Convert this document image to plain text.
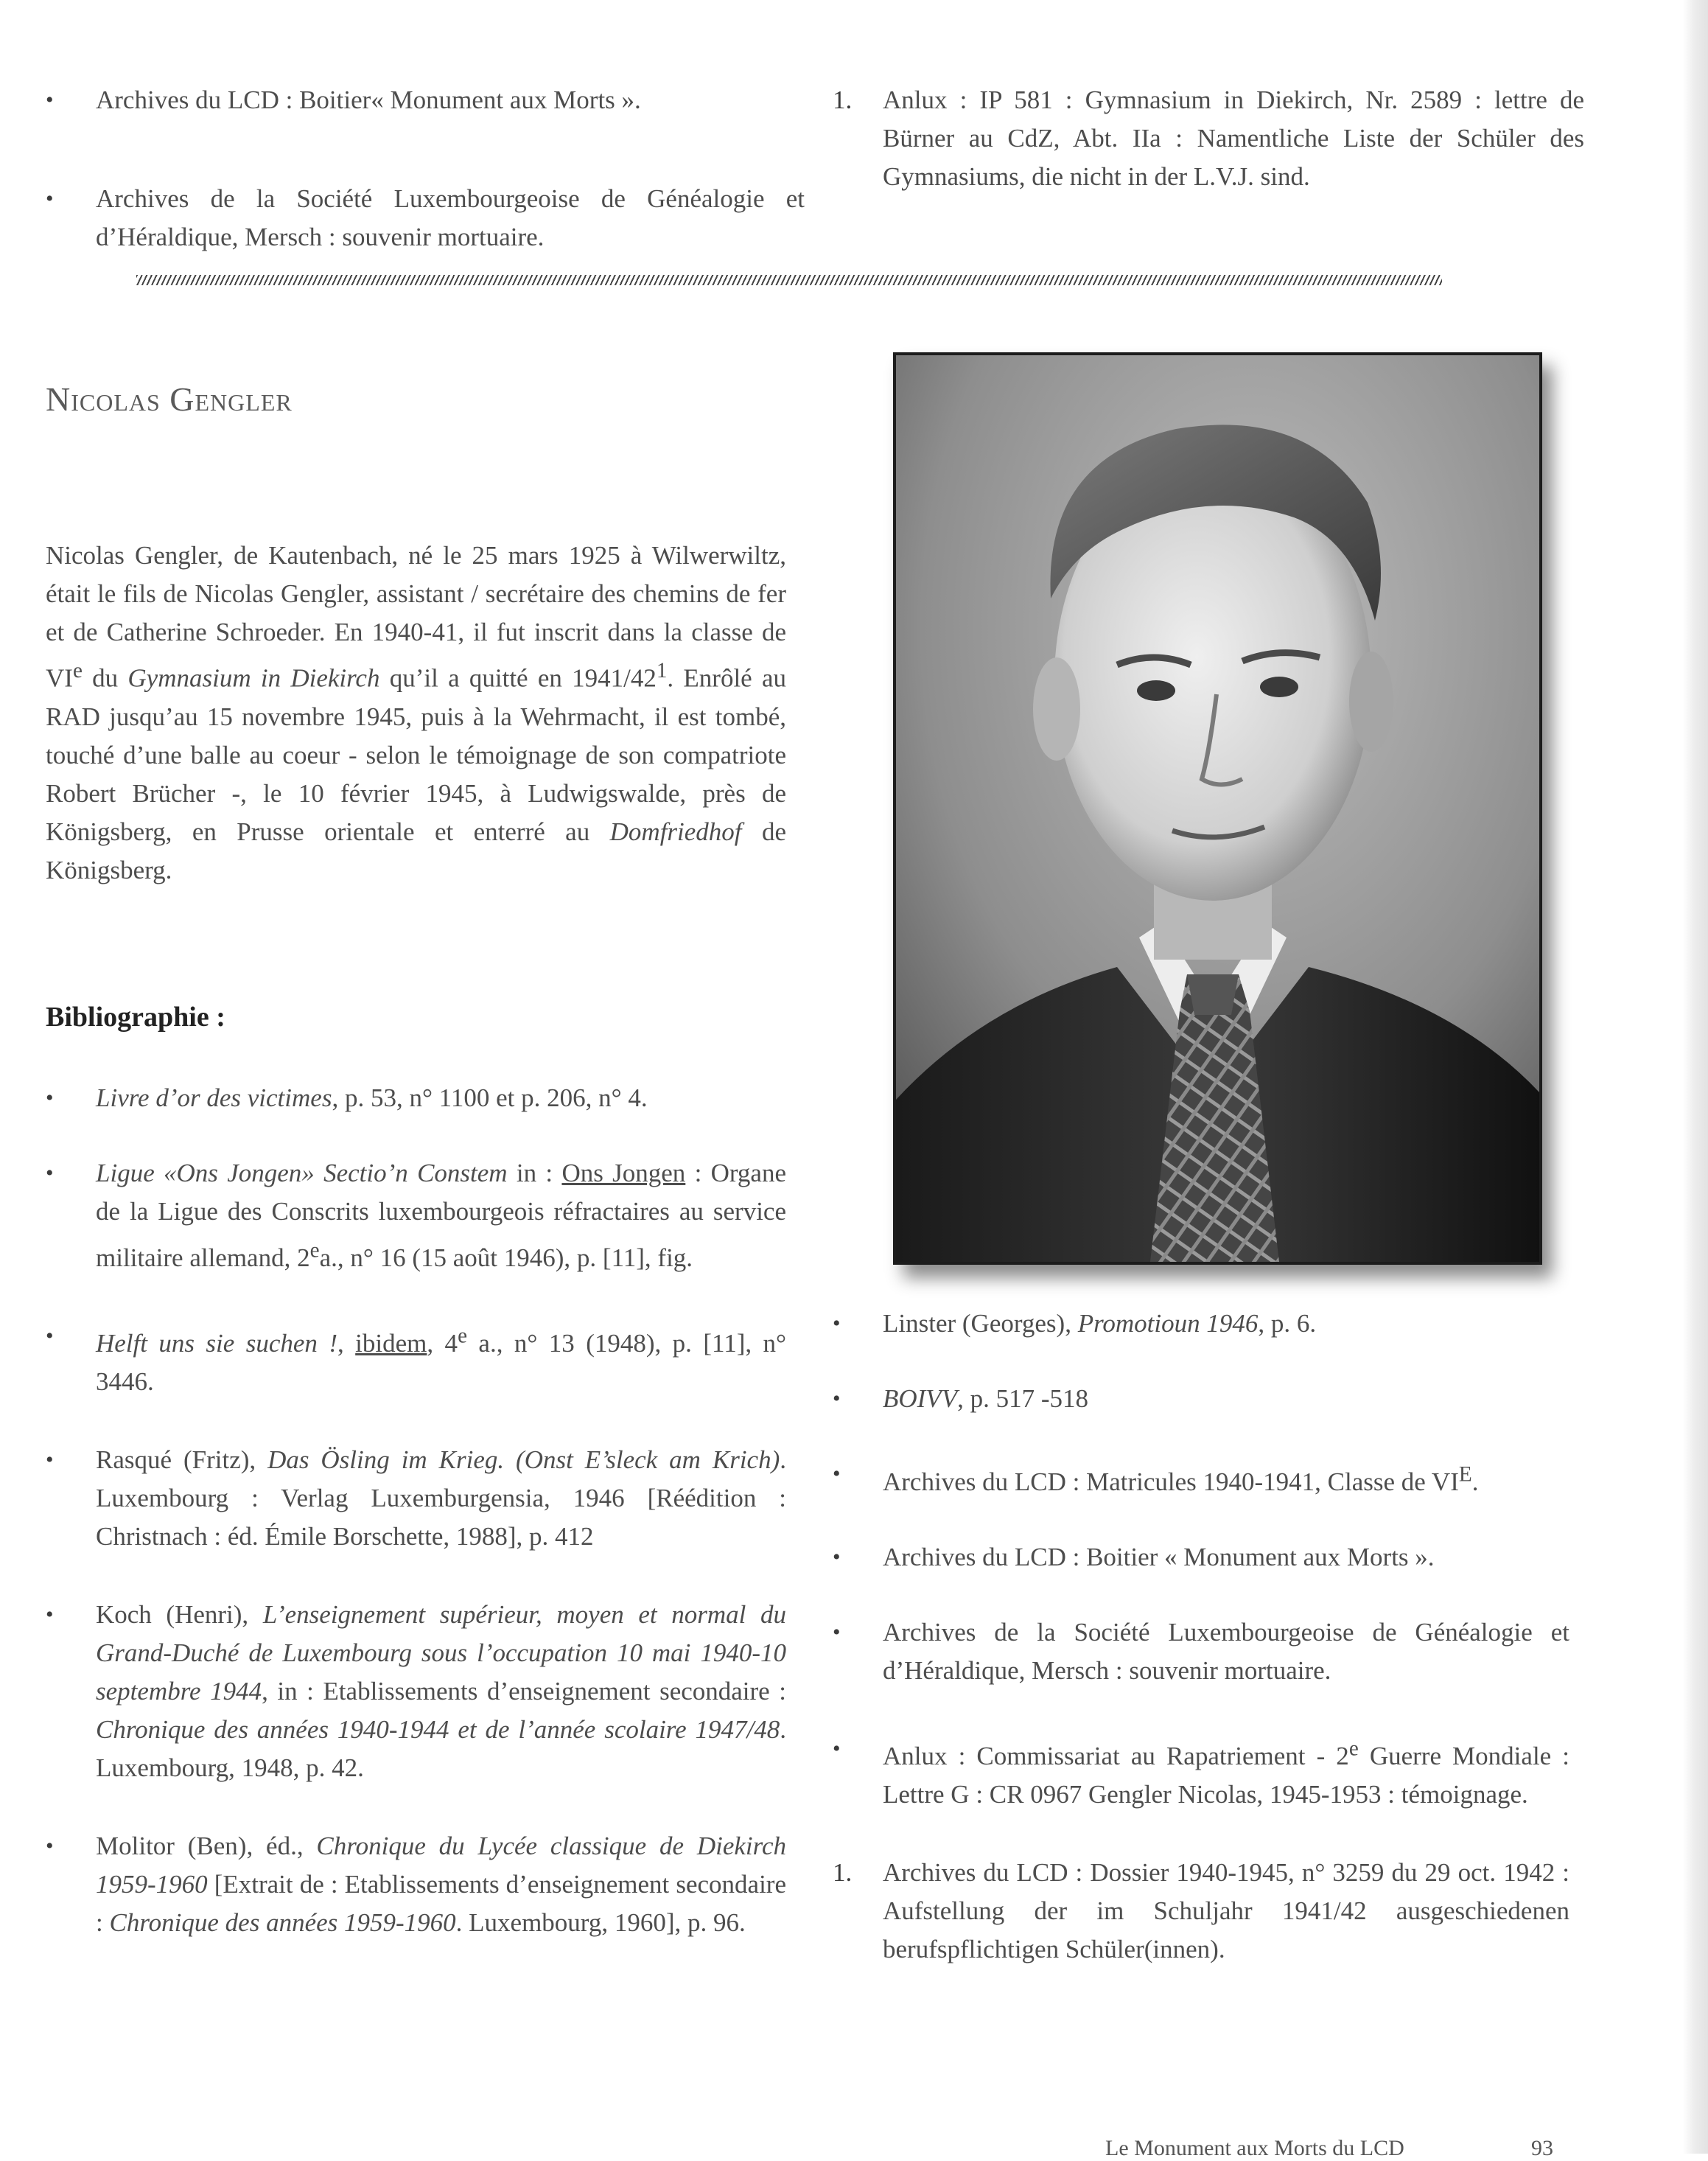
•	Archives du LCD : Boitier« Monument aux Morts ».
•	Archives de la Société Luxembourgeoise de Généalogie et d’Héraldique, Mersch : souvenir mortuaire.
1.	Anlux : IP 581 : Gymnasium in Diekirch, Nr. 2589 : lettre de Bürner au CdZ, Abt. IIa : Namentliche Liste der Schüler des Gymnasiums, die nicht in der L.V.J. sind.
Nicolas Gengler

Nicolas Gengler, de Kautenbach, né le 25 mars 1925 à Wilwerwiltz, était le fils de Nicolas Gengler, assistant / secrétaire des chemins de fer et de Catherine Schroeder. En 1940-41, il fut inscrit dans la classe de VIe du Gymnasium in Diekirch qu’il a quitté en $1941/42^1$. Enrôlé au RAD jusqu’au 15 novembre 1945, puis à la Wehrmacht, il est tombé, touché d’une balle au coeur - selon le témoignage de son compatriote Robert Brücher -, le 10 février 1945, à Ludwigswalde, près de Königsberg, en Prusse orientale et enterré au Domfriedhof de Königsberg.

Bibliographie :
•	Livre d’or des victimes, p. 53, n° 1100 et p. 206, n° 4.
•	Ligue «Ons Jongen» Sectio’n Constem in : Ons Jongen : Organe de la Ligue des Conscrits luxembourgeois réfractaires au service militaire allemand, 2ea., n° 16 (15 août 1946), p. [11], fig.
•	Helft uns sie suchen !, ibidem, 4e a., n° 13 (1948), p. [11], n° 3446.
•	Rasqué (Fritz), Das Ösling im Krieg. (Onst E’sleck am Krich). Luxembourg : Verlag Luxemburgensia, 1946 [Réédition : Christnach : éd. Émile Borschette, 1988], p. 412
•	Koch (Henri), L’enseignement supérieur, moyen et normal du Grand-Duché de Luxembourg sous l’occupation 10 mai 1940-10 septembre 1944, in : Etablissements d’enseignement secondaire : Chronique des années 1940-1944 et de l’année scolaire 1947/48. Luxembourg, 1948, p. 42.
•	Molitor (Ben), éd., Chronique du Lycée classique de Diekirch 1959-1960 [Extrait de : Etablissements d’enseignement secondaire : Chronique des années 1959-1960. Luxembourg, 1960], p. 96.
•	Linster (Georges), Promotioun 1946, p. 6.
•	BOIVV, p. 517 -518
•	Archives du LCD : Matricules 1940-1941, Classe de $VI^E$.
•	Archives du LCD : Boitier « Monument aux Morts ».
•	Archives de la Société Luxembourgeoise de Généalogie et d’Héraldique, Mersch : souvenir mortuaire.
•	Anlux : Commissariat au Rapatriement - 2e Guerre Mondiale : Lettre G : CR 0967 Gengler Nicolas, 1945-1953 : témoignage.
1.	Archives du LCD : Dossier 1940-1945, n° 3259 du 29 oct. 1942 : Aufstellung der im Schuljahr 1941/42 ausgeschiedenen berufspflichtigen Schüler(innen).
Le Monument aux Morts du LCD	93
